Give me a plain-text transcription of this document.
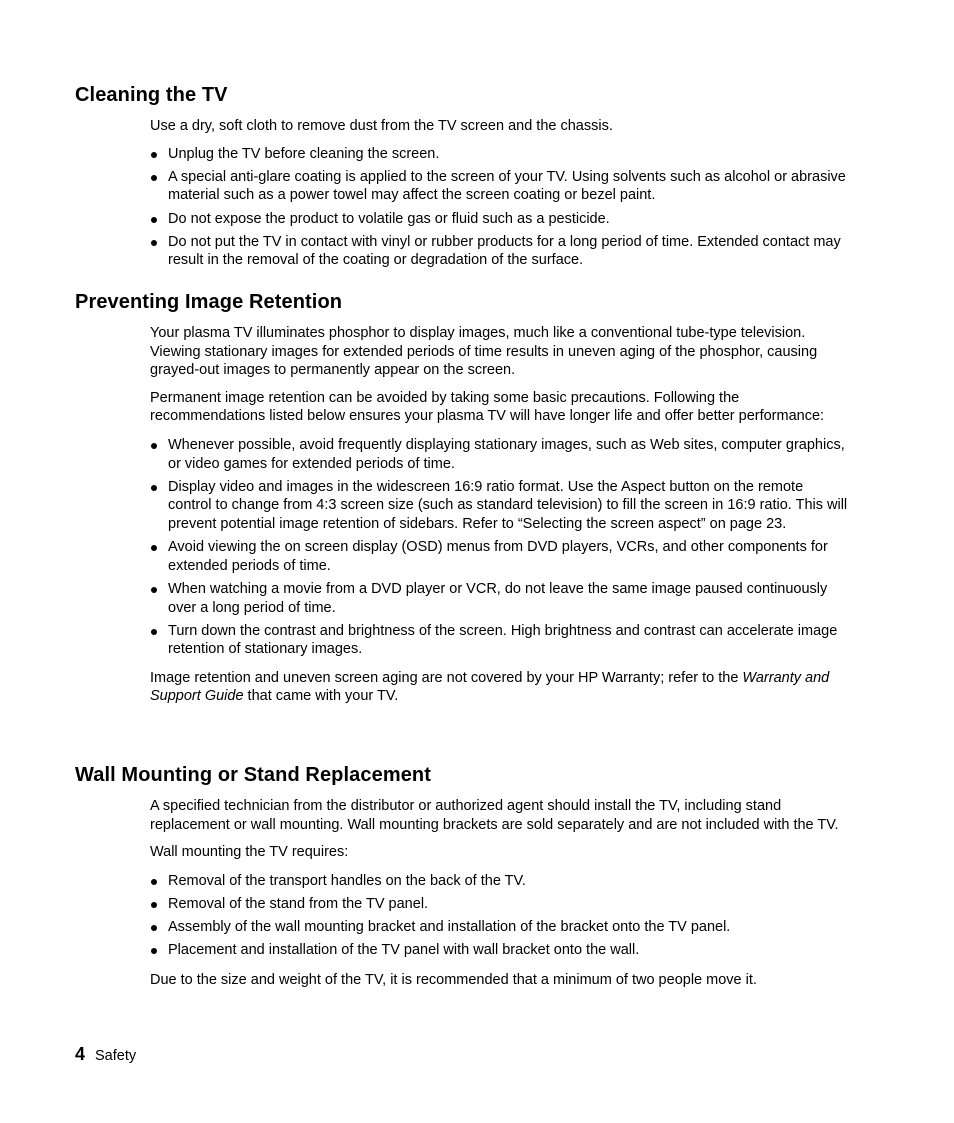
Cleaning the TV

Use a dry, soft cloth to remove dust from the TV screen and the chassis.

Unplug the TV before cleaning the screen.
A special anti-glare coating is applied to the screen of your TV. Using solvents such as alcohol or abrasive material such as a power towel may affect the screen coating or bezel paint.
Do not expose the product to volatile gas or fluid such as a pesticide.
Do not put the TV in contact with vinyl or rubber products for a long period of time. Extended contact may result in the removal of the coating or degradation of the surface.
Preventing Image Retention

Your plasma TV illuminates phosphor to display images, much like a conventional tube-type television. Viewing stationary images for extended periods of time results in uneven aging of the phosphor, causing grayed-out images to permanently appear on the screen.

Permanent image retention can be avoided by taking some basic precautions. Following the recommendations listed below ensures your plasma TV will have longer life and offer better performance:

Whenever possible, avoid frequently displaying stationary images, such as Web sites, computer graphics, or video games for extended periods of time.
Display video and images in the widescreen 16:9 ratio format. Use the Aspect button on the remote control to change from 4:3 screen size (such as standard television) to fill the screen in 16:9 ratio. This will prevent potential image retention of sidebars. Refer to “Selecting the screen aspect” on page 23.
Avoid viewing the on screen display (OSD) menus from DVD players, VCRs, and other components for extended periods of time.
When watching a movie from a DVD player or VCR, do not leave the same image paused continuously over a long period of time.
Turn down the contrast and brightness of the screen. High brightness and contrast can accelerate image retention of stationary images.

Image retention and uneven screen aging are not covered by your HP Warranty; refer to the Warranty and Support Guide that came with your TV.

Wall Mounting or Stand Replacement

A specified technician from the distributor or authorized agent should install the TV, including stand replacement or wall mounting. Wall mounting brackets are sold separately and are not included with the TV.

Wall mounting the TV requires:

Removal of the transport handles on the back of the TV.
Removal of the stand from the TV panel.
Assembly of the wall mounting bracket and installation of the bracket onto the TV panel.
Placement and installation of the TV panel with wall bracket onto the wall.

Due to the size and weight of the TV, it is recommended that a minimum of two people move it.

4 Safety
